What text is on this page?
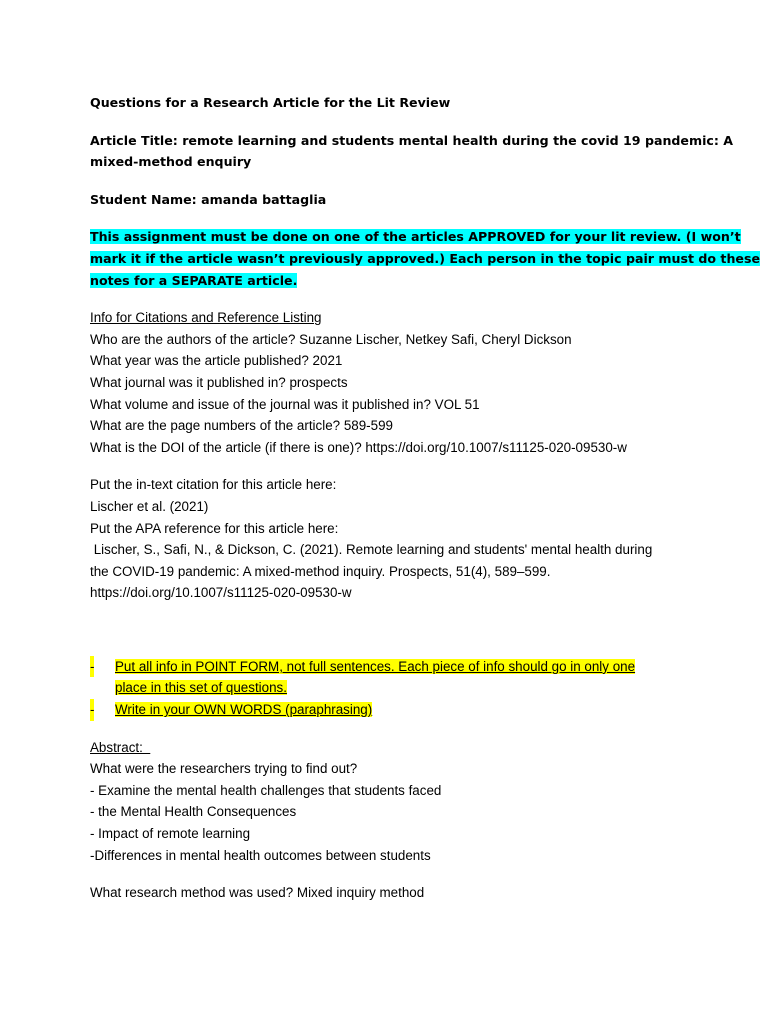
Questions for a Research Article for the Lit Review

Article Title: remote learning and students mental health during the covid 19 pandemic: A

mixed-method enquiry

Student Name: amanda battaglia

This assignment must be done on one of the articles APPROVED for your lit review. (I won’t

mark it if the article wasn’t previously approved.) Each person in the topic pair must do these

notes for a SEPARATE article.

Info for Citations and Reference Listing

Who are the authors of the article? Suzanne Lischer, Netkey Safi, Cheryl Dickson

What year was the article published? 2021

What journal was it published in? prospects

What volume and issue of the journal was it published in? VOL 51

What are the page numbers of the article? 589-599

What is the DOI of the article (if there is one)? https://doi.org/10.1007/s11125-020-09530-w

Put the in-text citation for this article here:

Lischer et al. (2021)

Put the APA reference for this article here:

Lischer, S., Safi, N., & Dickson, C. (2021). Remote learning and students' mental health during

the COVID-19 pandemic: A mixed-method inquiry. Prospects, 51(4), 589–599.

https://doi.org/10.1007/s11125-020-09530-w

- Put all info in POINT FORM, not full sentences. Each piece of info should go in only one

place in this set of questions.

- Write in your OWN WORDS (paraphrasing)

Abstract:

What were the researchers trying to find out?

- Examine the mental health challenges that students faced

- the Mental Health Consequences

- Impact of remote learning

-Differences in mental health outcomes between students

What research method was used? Mixed inquiry method
